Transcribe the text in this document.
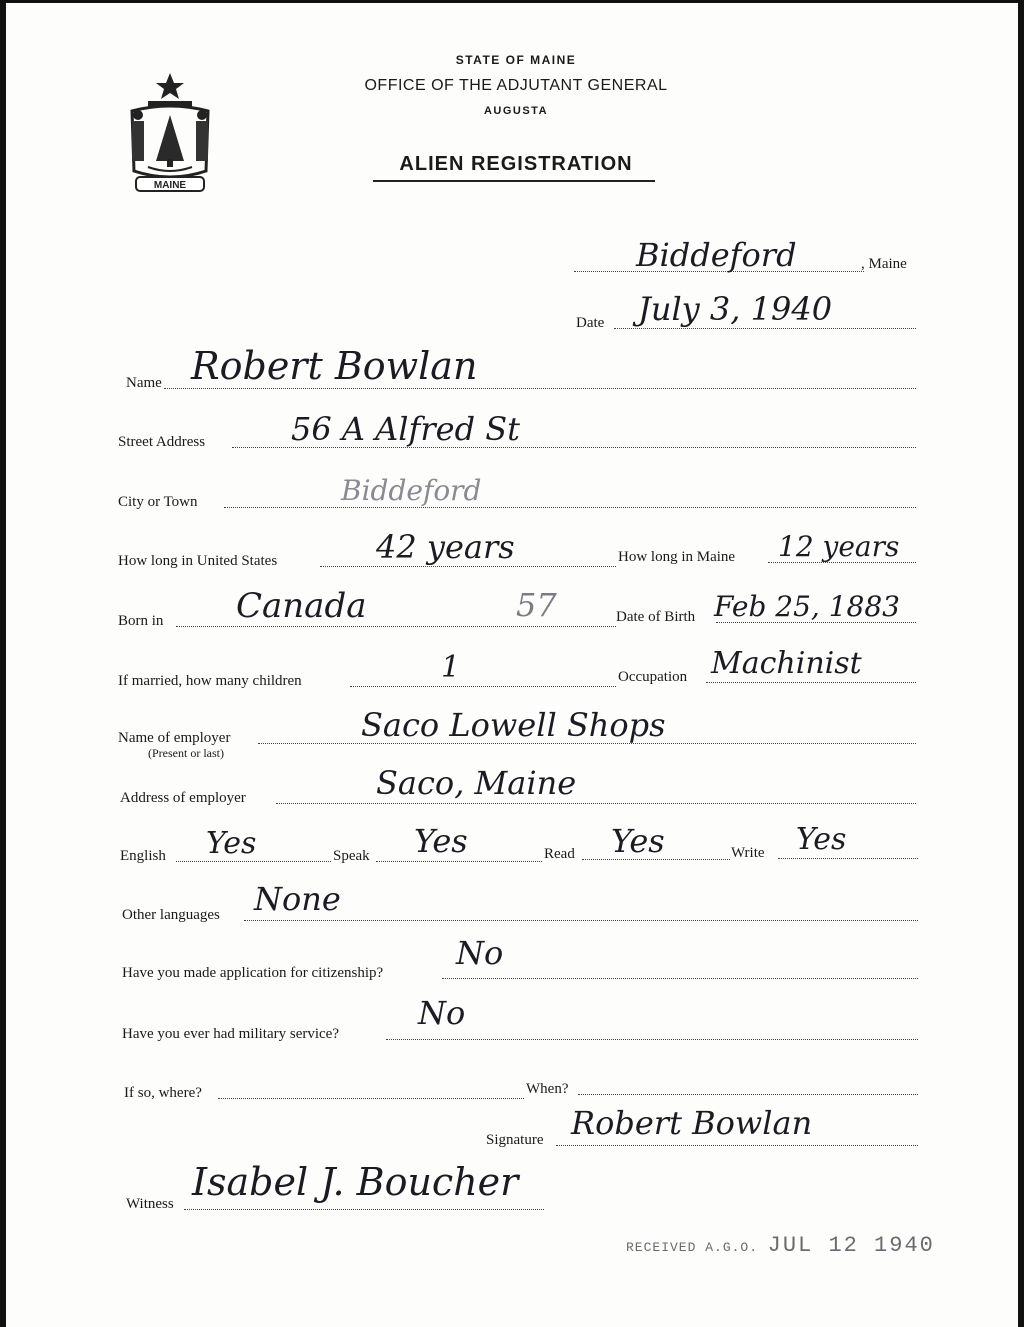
MAINE
STATE OF MAINE
OFFICE OF THE ADJUTANT GENERAL
AUGUSTA
ALIEN REGISTRATION
Biddeford	, Maine
Date July 3, 1940
Name Robert Bowlan
Street Address	56 A Alfred St
City or Town	Biddeford
How long in United States	42 years	How long in Maine 12 years
Born in Canada	57	Date of Birth Feb 25, 1883
If married, how many children	1	Occupation Machinist
Name of employer
(Present or last)
Saco Lowell Shops
Address of employer	Saco, Maine
English Yes	Speak Yes	Read Yes	Write Yes
Other languages None
Have you made application for citizenship?
No
Have you ever had military service?
No
If so, where?	When?
Signature Robert Bowlan
Witness Isabel J. Boucher
RECEIVED A.G.O. JUL 12 1940
